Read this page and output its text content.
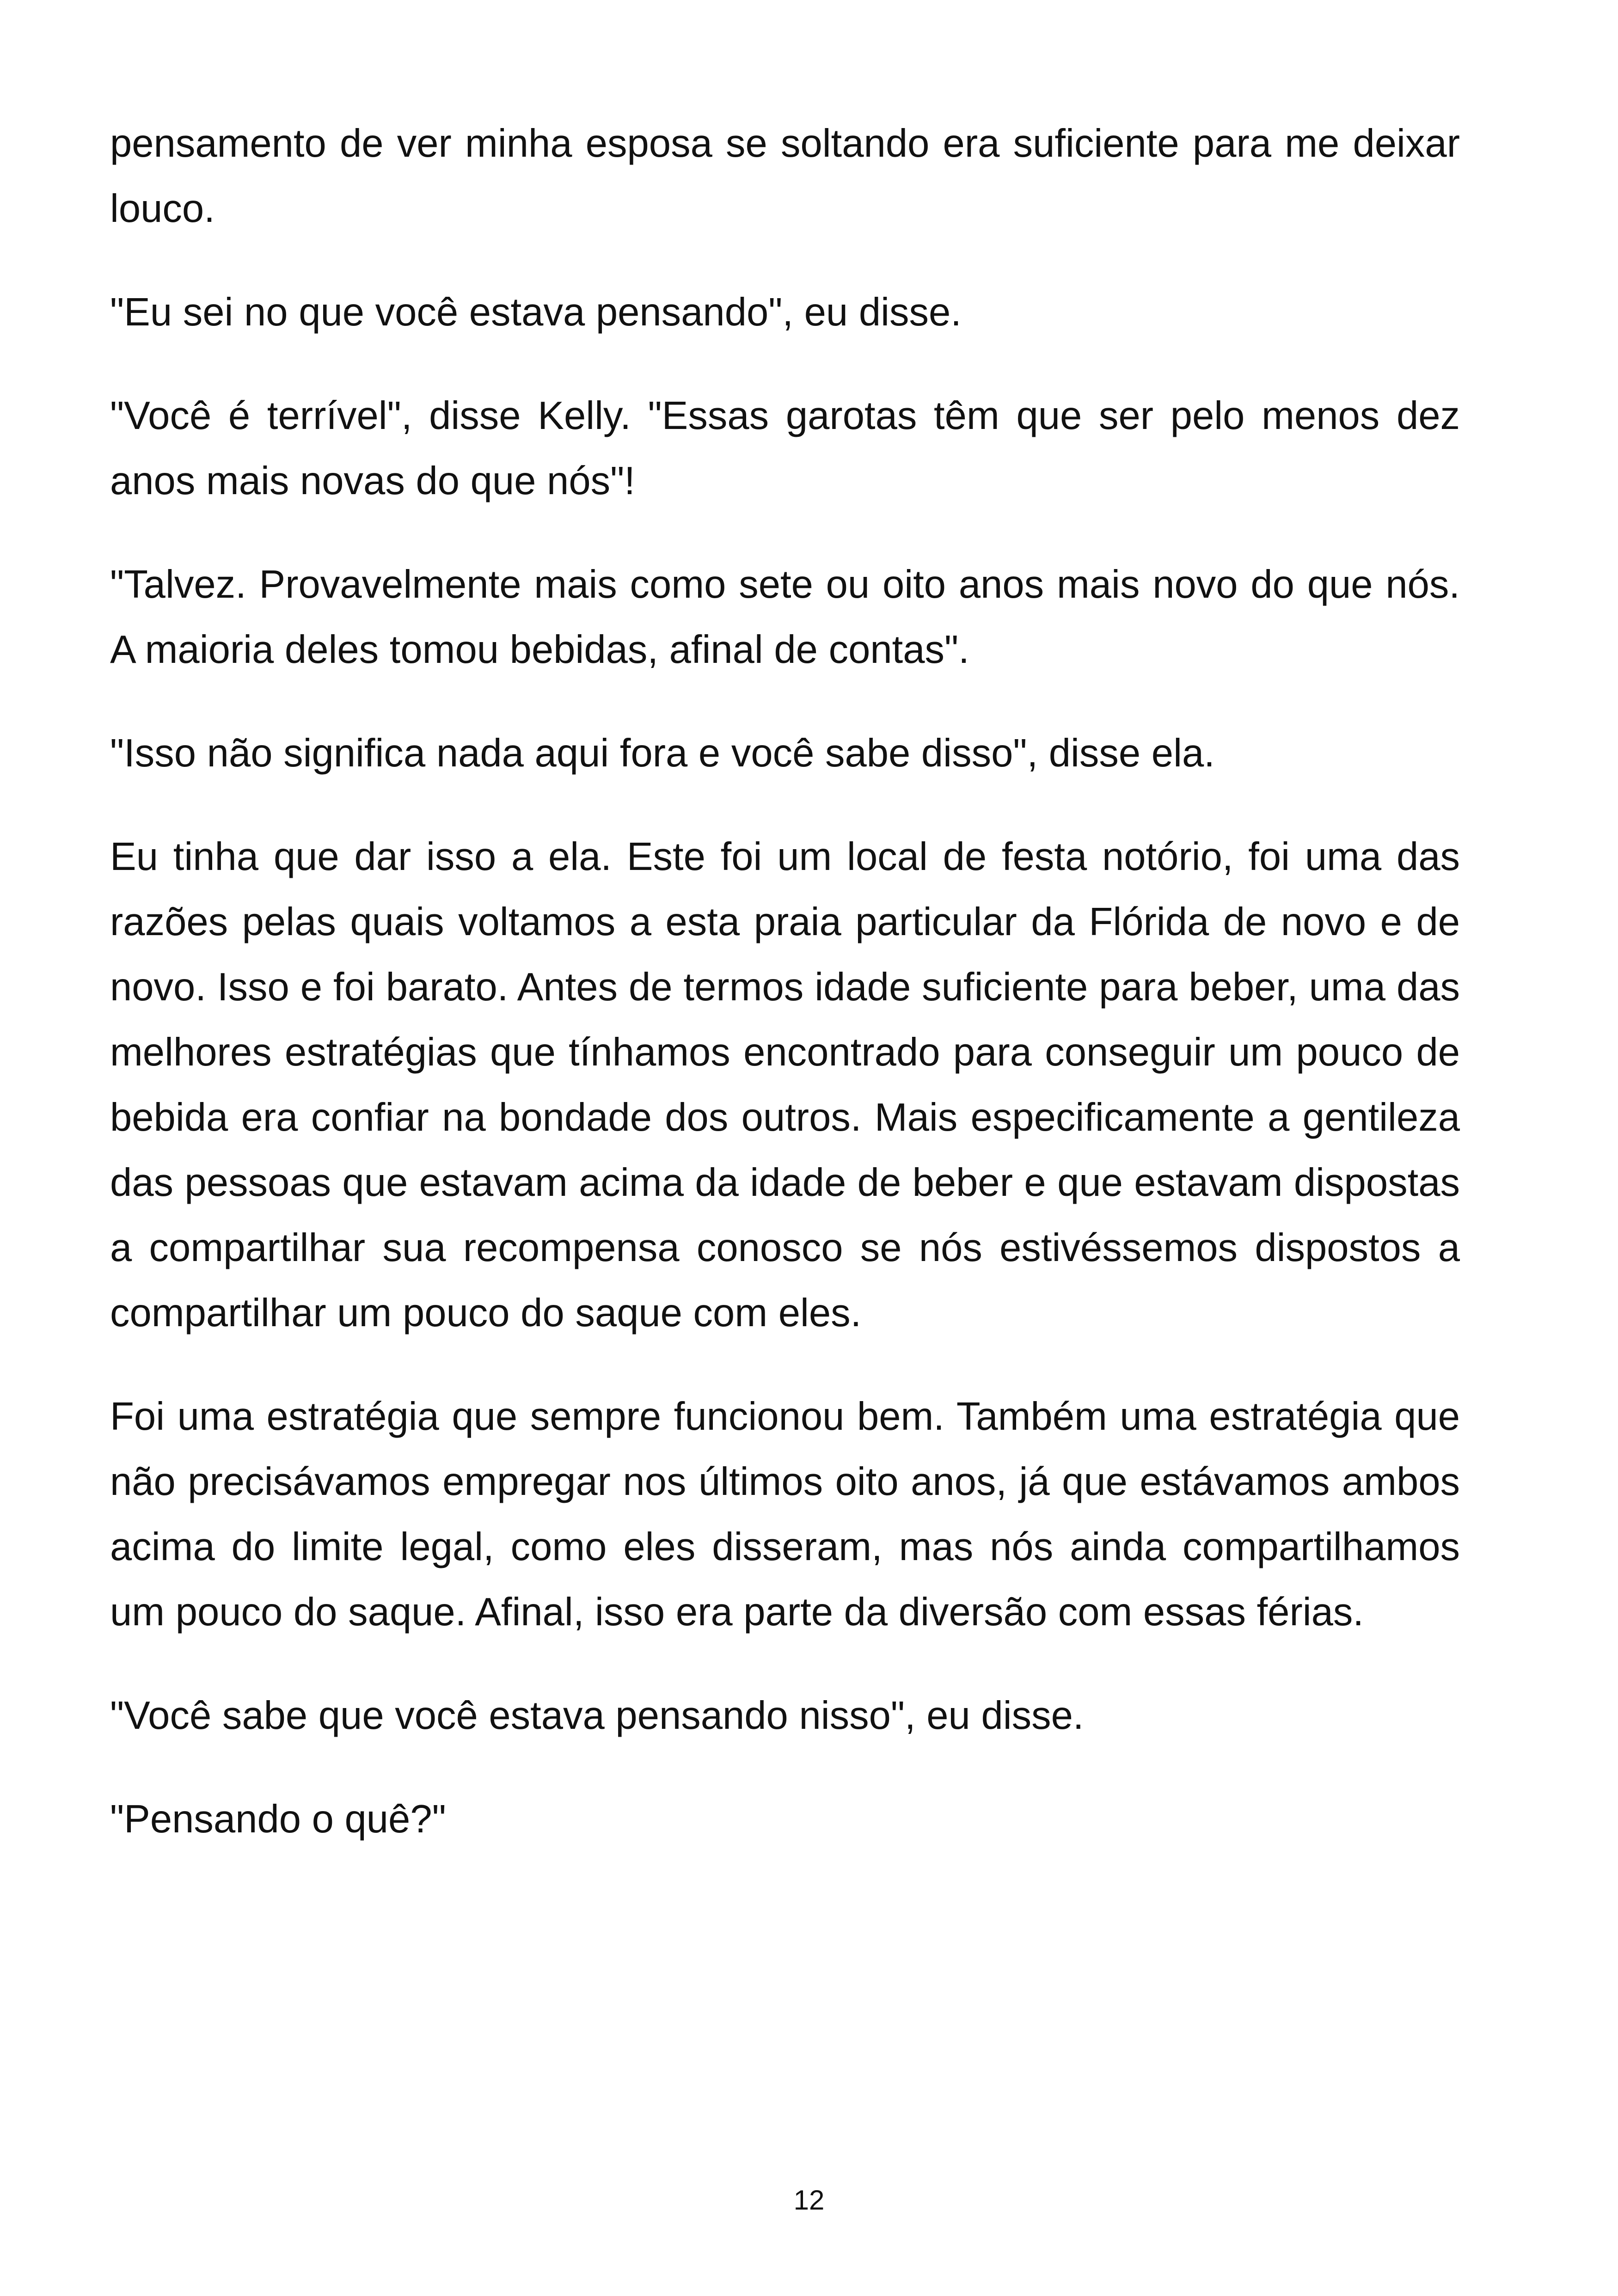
pensamento de ver minha esposa se soltando era suficiente para me deixar louco.

"Eu sei no que você estava pensando", eu disse.

"Você é terrível", disse Kelly. "Essas garotas têm que ser pelo menos dez anos mais novas do que nós"!

"Talvez. Provavelmente mais como sete ou oito anos mais novo do que nós. A maioria deles tomou bebidas, afinal de contas".

"Isso não significa nada aqui fora e você sabe disso", disse ela.

Eu tinha que dar isso a ela. Este foi um local de festa notório, foi uma das razões pelas quais voltamos a esta praia particular da Flórida de novo e de novo. Isso e foi barato. Antes de termos idade suficiente para beber, uma das melhores estratégias que tínhamos encontrado para conseguir um pouco de bebida era confiar na bondade dos outros. Mais especificamente a gentileza das pessoas que estavam acima da idade de beber e que estavam dispostas a compartilhar sua recompensa conosco se nós estivéssemos dispostos a compartilhar um pouco do saque com eles.

Foi uma estratégia que sempre funcionou bem. Também uma estratégia que não precisávamos empregar nos últimos oito anos, já que estávamos ambos acima do limite legal, como eles disseram, mas nós ainda compartilhamos um pouco do saque. Afinal, isso era parte da diversão com essas férias.

"Você sabe que você estava pensando nisso", eu disse.

"Pensando o quê?"

12
